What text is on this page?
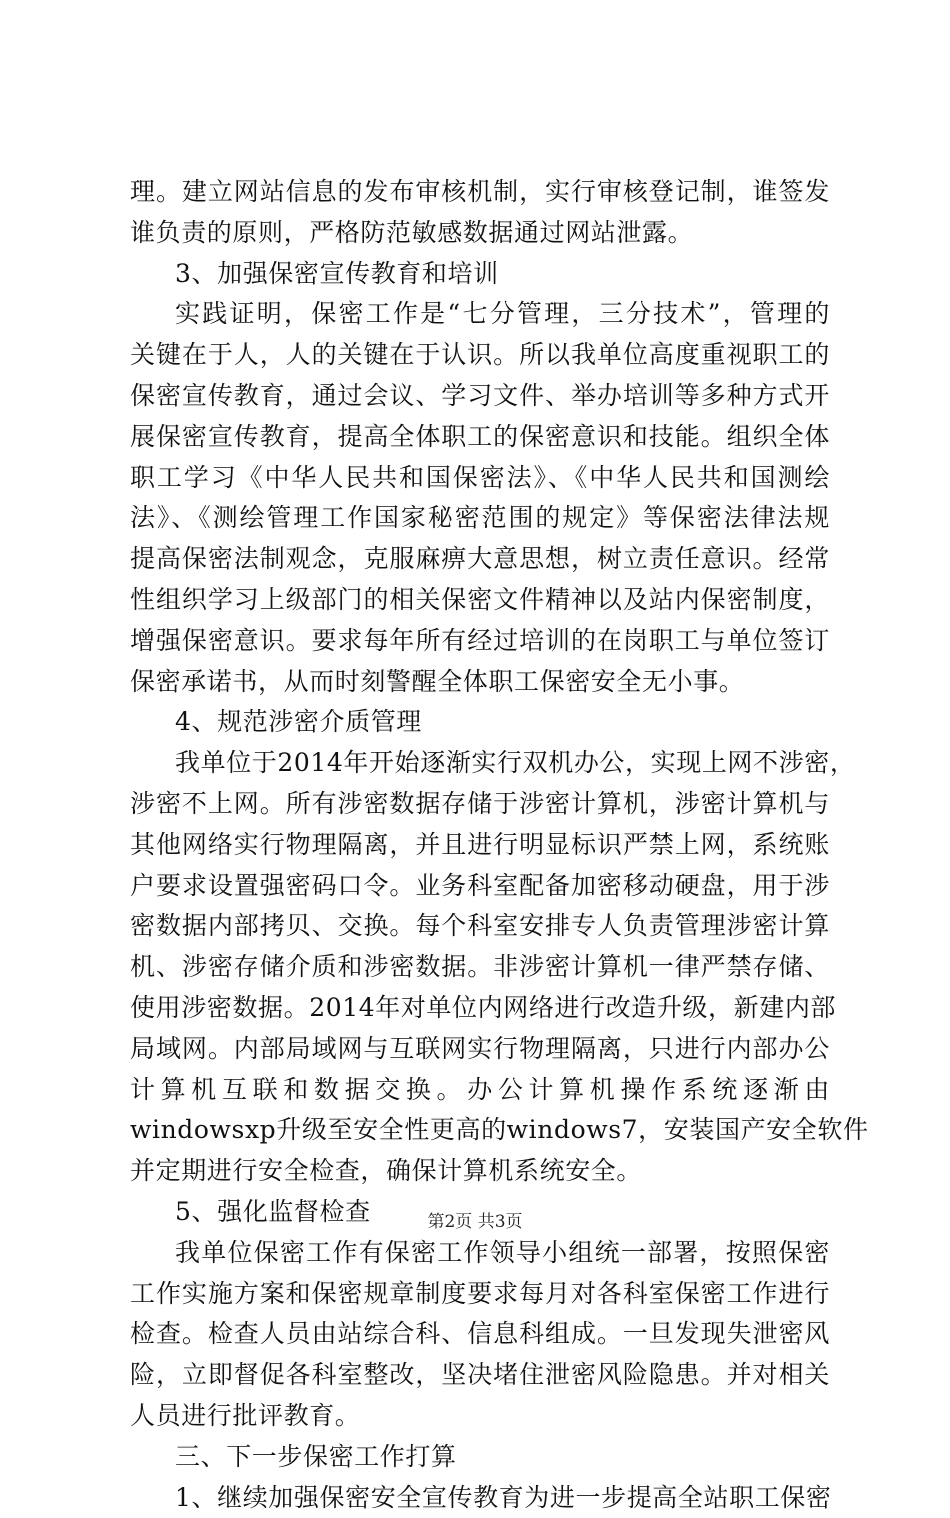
理。建立网站信息的发布审核机制，实行审核登记制，谁签发
谁负责的原则，严格防范敏感数据通过网站泄露。
3、加强保密宣传教育和培训
实践证明，保密工作是“七分管理，三分技术”，管理的
关键在于人，人的关键在于认识。所以我单位高度重视职工的
保密宣传教育，通过会议、学习文件、举办培训等多种方式开
展保密宣传教育，提高全体职工的保密意识和技能。组织全体
职工学习《中华人民共和国保密法》、《中华人民共和国测绘
法》、《测绘管理工作国家秘密范围的规定》等保密法律法规
提高保密法制观念，克服麻痹大意思想，树立责任意识。经常
性组织学习上级部门的相关保密文件精神以及站内保密制度，
增强保密意识。要求每年所有经过培训的在岗职工与单位签订
保密承诺书，从而时刻警醒全体职工保密安全无小事。
4、规范涉密介质管理
我单位于2014年开始逐渐实行双机办公，实现上网不涉密，
涉密不上网。所有涉密数据存储于涉密计算机，涉密计算机与
其他网络实行物理隔离，并且进行明显标识严禁上网，系统账
户要求设置强密码口令。业务科室配备加密移动硬盘，用于涉
密数据内部拷贝、交换。每个科室安排专人负责管理涉密计算
机、涉密存储介质和涉密数据。非涉密计算机一律严禁存储、
使用涉密数据。2014年对单位内网络进行改造升级，新建内部
局域网。内部局域网与互联网实行物理隔离，只进行内部办公
计算机互联和数据交换。办公计算机操作系统逐渐由
windowsxp升级至安全性更高的windows7，安装国产安全软件
并定期进行安全检查，确保计算机系统安全。
5、强化监督检查
我单位保密工作有保密工作领导小组统一部署，按照保密
工作实施方案和保密规章制度要求每月对各科室保密工作进行
检查。检查人员由站综合科、信息科组成。一旦发现失泄密风
险，立即督促各科室整改，坚决堵住泄密风险隐患。并对相关
人员进行批评教育。
三、下一步保密工作打算
1、继续加强保密安全宣传教育为进一步提高全站职工保密
第2页 共3页
